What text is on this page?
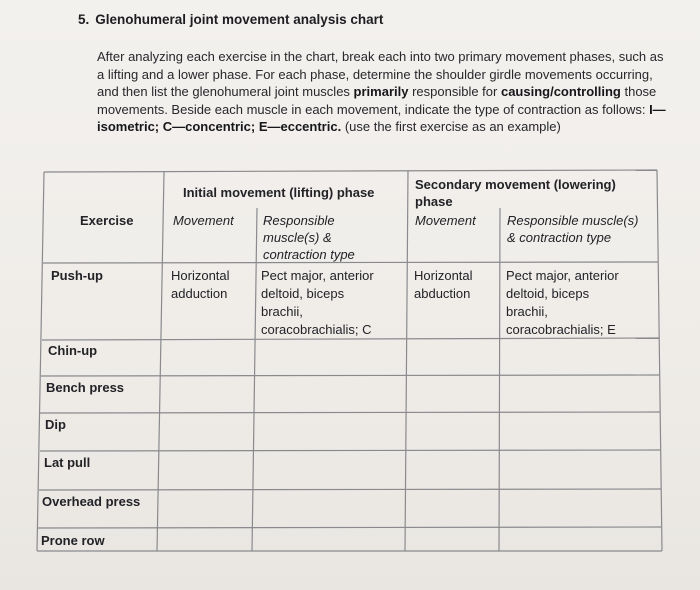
5. Glenohumeral joint movement analysis chart
After analyzing each exercise in the chart, break each into two primary movement phases, such as a lifting and a lower phase. For each phase, determine the shoulder girdle movements occurring, and then list the glenohumeral joint muscles primarily responsible for causing/controlling those movements. Beside each muscle in each movement, indicate the type of contraction as follows: I—isometric; C—concentric; E—eccentric. (use the first exercise as an example)
Initial movement (lifting) phase
Secondary movement (lowering)
phase
Exercise	Movement Responsible
muscle(s) &
contraction type
Movement Responsible muscle(s)
& contraction type
Push-up	Horizontal
adduction
Pect major, anterior
deltoid, biceps
brachii,
coracobrachialis; C
Horizontal
abduction
Pect major, anterior
deltoid, biceps
brachii,
coracobrachialis; E
Chin-up
Bench press
Dip
Lat pull
Overhead press
Prone row
